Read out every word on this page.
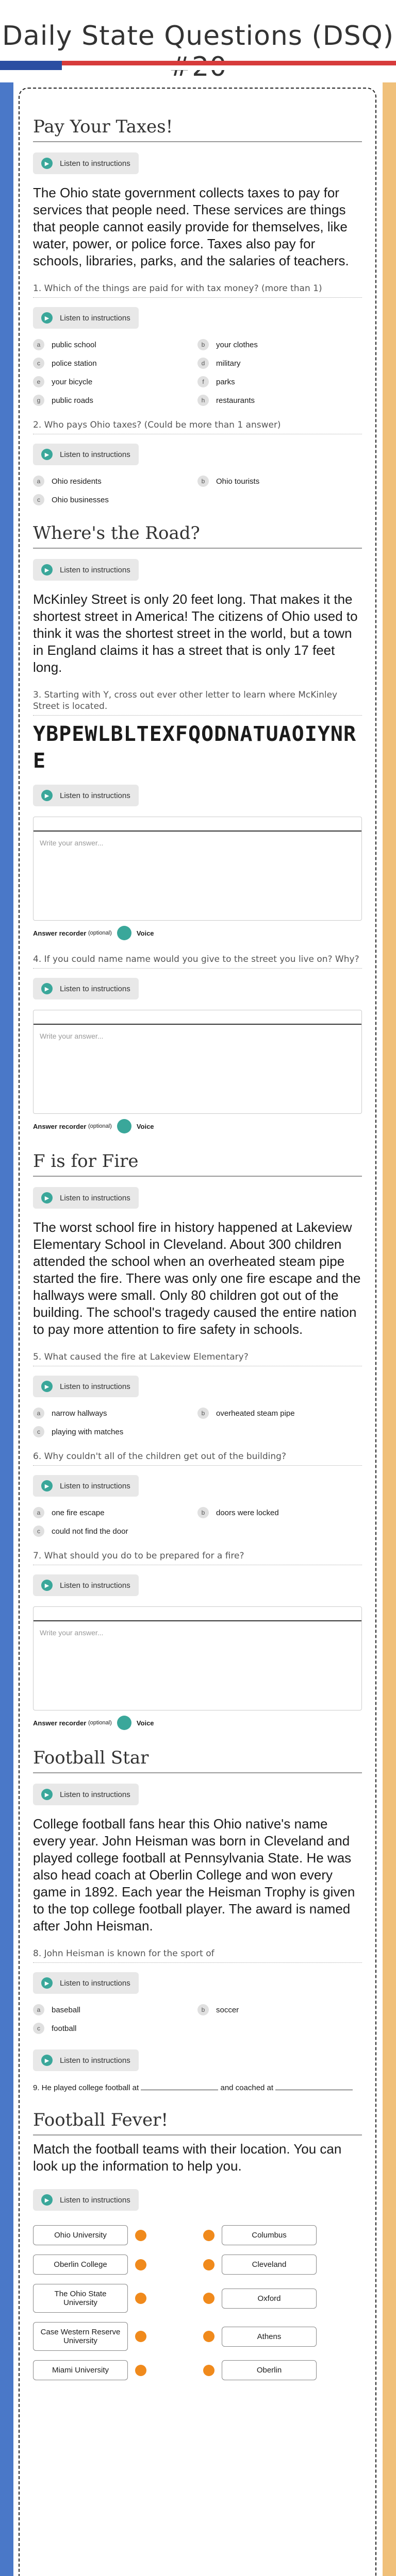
Daily State Questions (DSQ)
Pay Your Taxes!
▶	Listen to instructions
The Ohio state government collects taxes to pay for services that people need. These services are things that people cannot easily provide for themselves, like water, power, or police force. Taxes also pay for schools, libraries, parks, and the salaries of teachers.
1. Which of the things are paid for with tax money? (more than 1)
▶	Listen to instructions
a	public school	b	your clothes
c	police station	d	military
e	your bicycle	f	parks
g	public roads	h	restaurants
2. Who pays Ohio taxes? (Could be more than 1 answer)
▶	Listen to instructions
a	Ohio residents	b	Ohio tourists
c	Ohio businesses
Where's the Road?
▶	Listen to instructions
McKinley Street is only 20 feet long. That makes it the shortest street in America! The citizens of Ohio used to think it was the shortest street in the world, but a town in England claims it has a street that is only 17 feet long.
3. Starting with Y, cross out ever other letter to learn where McKinley Street is located.
YBPEWLBLTEXFQODNATUAOIYNRE
▶	Listen to instructions
Write your answer...
Answer recorder
(optional)	Voice
4. If you could name name would you give to the street you live on? Why?
▶	Listen to instructions
Write your answer...
Answer recorder
(optional)	Voice
F is for Fire
▶	Listen to instructions
The worst school fire in history happened at Lakeview Elementary School in Cleveland. About 300 children attended the school when an overheated steam pipe started the fire. There was only one fire escape and the hallways were small. Only 80 children got out of the building. The school's tragedy caused the entire nation to pay more attention to fire safety in schools.
5. What caused the fire at Lakeview Elementary?
▶	Listen to instructions
a	narrow hallways	b	overheated steam pipe
c	playing with matches
6. Why couldn't all of the children get out of the building?
▶	Listen to instructions
a	one fire escape	b	doors were locked
c	could not find the door
7. What should you do to be prepared for a fire?
▶	Listen to instructions
Write your answer...
Answer recorder
(optional)	Voice
Football Star
▶	Listen to instructions
College football fans hear this Ohio native's name every year. John Heisman was born in Cleveland and played college football at Pennsylvania State. He was also head coach at Oberlin College and won every game in 1892. Each year the Heisman Trophy is given to the top college football player. The award is named after John Heisman.
8. John Heisman is known for the sport of
▶	Listen to instructions
a	baseball	b	soccer
c	football
▶	Listen to instructions
9. He played college football at	and coached at
Football Fever!
Match the football teams with their location. You can look up the information to help you.
▶	Listen to instructions
Ohio University	Columbus
Oberlin College	Cleveland
The Ohio State University	Oxford
Case Western Reserve University	Athens
Miami University	Oberlin
